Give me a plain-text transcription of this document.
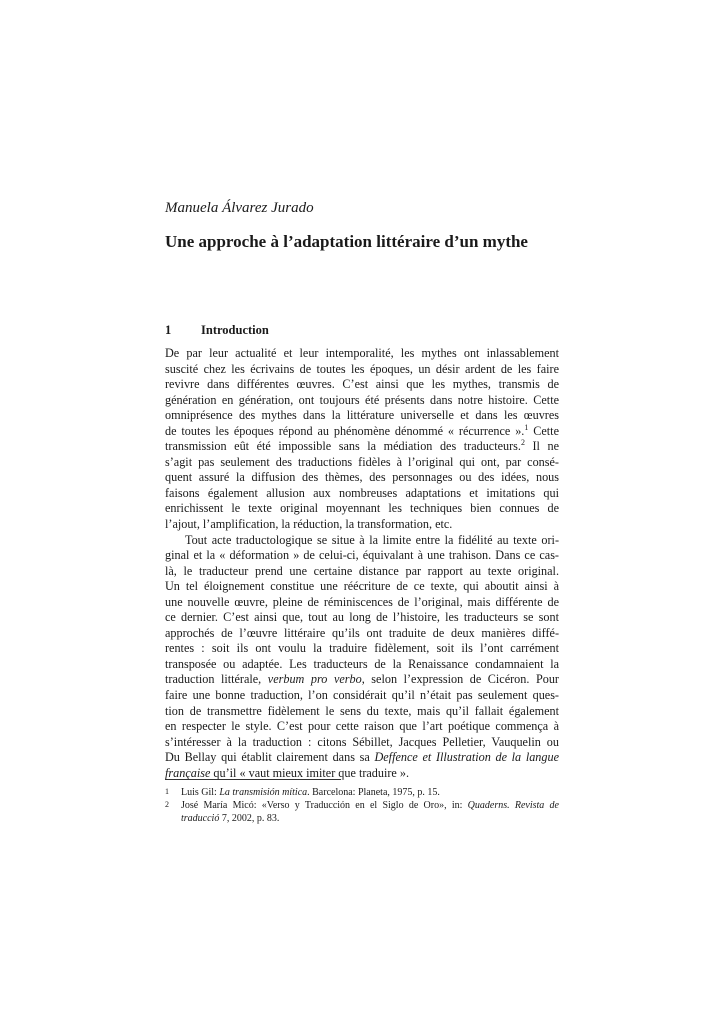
Manuela Álvarez Jurado
Une approche à l’adaptation littéraire d’un mythe
1 Introduction

De par leur actualité et leur intemporalité, les mythes ont inlassablement
suscité chez les écrivains de toutes les époques, un désir ardent de les faire
revivre dans différentes œuvres. C’est ainsi que les mythes, transmis de
génération en génération, ont toujours été présents dans notre histoire. Cette
omniprésence des mythes dans la littérature universelle et dans les œuvres
de toutes les époques répond au phénomène dénommé « récurrence ».$^1$ Cette
transmission eût été impossible sans la médiation des traducteurs.$^2$ Il ne
s’agit pas seulement des traductions fidèles à l’original qui ont, par consé-
quent assuré la diffusion des thèmes, des personnages ou des idées, nous
faisons également allusion aux nombreuses adaptations et imitations qui
enrichissent le texte original moyennant les techniques bien connues de
l’ajout, l’amplification, la réduction, la transformation, etc.

Tout acte traductologique se situe à la limite entre la fidélité au texte ori-
ginal et la « déformation » de celui-ci, équivalant à une trahison. Dans ce cas-
là, le traducteur prend une certaine distance par rapport au texte original.
Un tel éloignement constitue une réécriture de ce texte, qui aboutit ainsi à
une nouvelle œuvre, pleine de réminiscences de l’original, mais différente de
ce dernier. C’est ainsi que, tout au long de l’histoire, les traducteurs se sont
approchés de l’œuvre littéraire qu’ils ont traduite de deux manières diffé-
rentes : soit ils ont voulu la traduire fidèlement, soit ils l’ont carrément
transposée ou adaptée. Les traducteurs de la Renaissance condamnaient la
traduction littérale, verbum pro verbo, selon l’expression de Cicéron. Pour
faire une bonne traduction, l’on considérait qu’il n’était pas seulement ques-
tion de transmettre fidèlement le sens du texte, mais qu’il fallait également
en respecter le style. C’est pour cette raison que l’art poétique commença à
s’intéresser à la traduction : citons Sébillet, Jacques Pelletier, Vauquelin ou
Du Bellay qui établit clairement dans sa Deffence et Illustration de la langue
française qu’il « vaut mieux imiter que traduire ».

1	Luis Gil: La transmisión mítica. Barcelona: Planeta, 1975, p. 15.
2	José María Micó: «Verso y Traducción en el Siglo de Oro», in: Quaderns. Revista de traducció 7, 2002, p. 83.
